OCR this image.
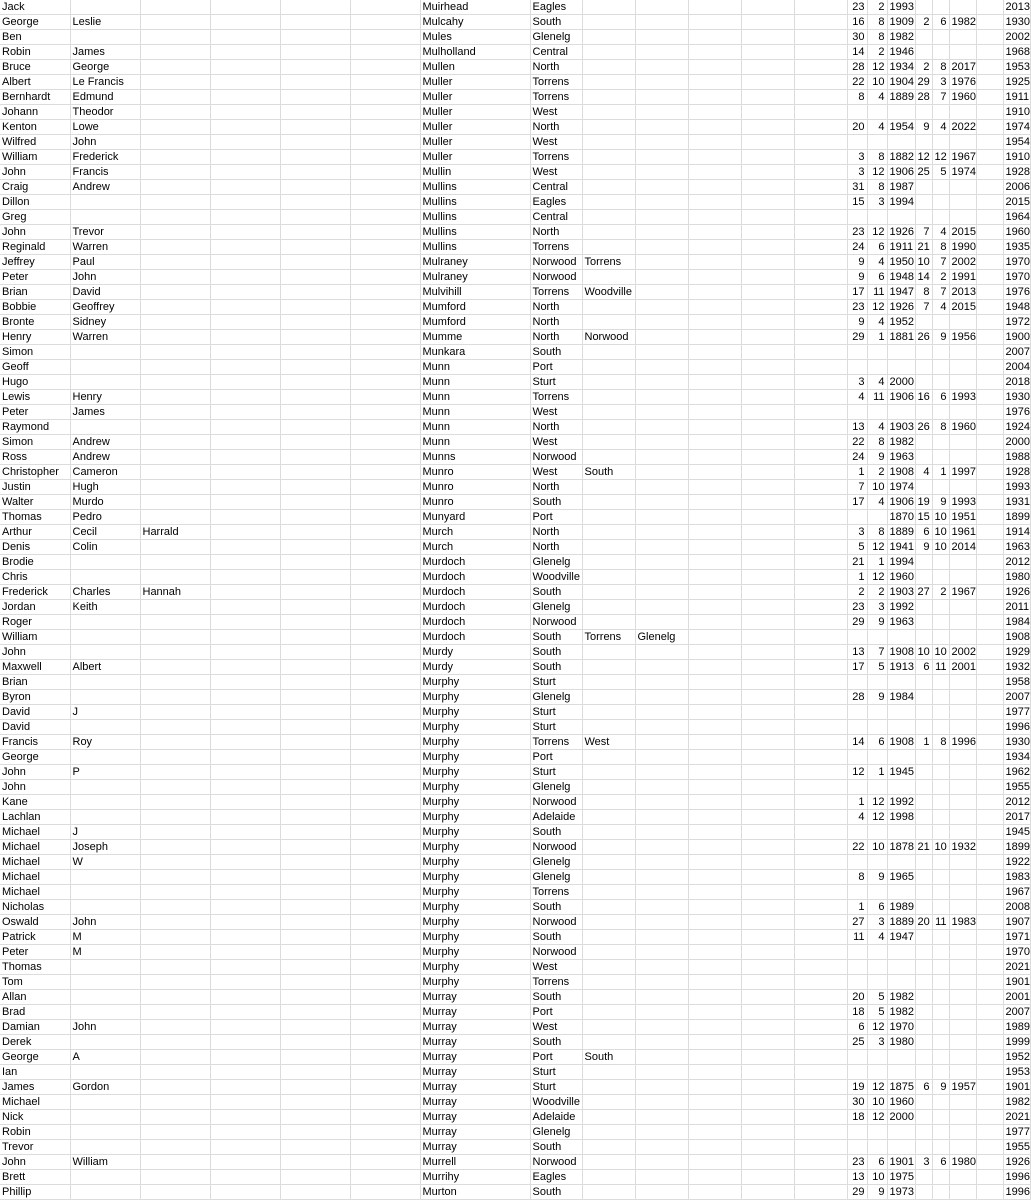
Jack						Muirhead	Eagles						23	2	1993					2013
George	Leslie					Mulcahy	South						16	8	1909	2	6	1982		1930
Ben						Mules	Glenelg						30	8	1982					2002
Robin	James					Mulholland	Central						14	2	1946					1968
Bruce	George					Mullen	North						28	12	1934	2	8	2017		1953
Albert	Le Francis					Muller	Torrens						22	10	1904	29	3	1976		1925
Bernhardt	Edmund					Muller	Torrens						8	4	1889	28	7	1960		1911
Johann	Theodor					Muller	West													1910
Kenton	Lowe					Muller	North						20	4	1954	9	4	2022		1974
Wilfred	John					Muller	West													1954
William	Frederick					Muller	Torrens						3	8	1882	12	12	1967		1910
John	Francis					Mullin	West						3	12	1906	25	5	1974		1928
Craig	Andrew					Mullins	Central						31	8	1987					2006
Dillon						Mullins	Eagles						15	3	1994					2015
Greg						Mullins	Central													1964
John	Trevor					Mullins	North						23	12	1926	7	4	2015		1960
Reginald	Warren					Mullins	Torrens						24	6	1911	21	8	1990		1935
Jeffrey	Paul					Mulraney	Norwood	Torrens					9	4	1950	10	7	2002		1970
Peter	John					Mulraney	Norwood						9	6	1948	14	2	1991		1970
Brian	David					Mulvihill	Torrens	Woodville					17	11	1947	8	7	2013		1976
Bobbie	Geoffrey					Mumford	North						23	12	1926	7	4	2015		1948
Bronte	Sidney					Mumford	North						9	4	1952					1972
Henry	Warren					Mumme	North	Norwood					29	1	1881	26	9	1956		1900
Simon						Munkara	South													2007
Geoff						Munn	Port													2004
Hugo						Munn	Sturt						3	4	2000					2018
Lewis	Henry					Munn	Torrens						4	11	1906	16	6	1993		1930
Peter	James					Munn	West													1976
Raymond						Munn	North						13	4	1903	26	8	1960		1924
Simon	Andrew					Munn	West						22	8	1982					2000
Ross	Andrew					Munns	Norwood						24	9	1963					1988
Christopher	Cameron					Munro	West	South					1	2	1908	4	1	1997		1928
Justin	Hugh					Munro	North						7	10	1974					1993
Walter	Murdo					Munro	South						17	4	1906	19	9	1993		1931
Thomas	Pedro					Munyard	Port								1870	15	10	1951		1899
Arthur	Cecil	Harrald				Murch	North						3	8	1889	6	10	1961		1914
Denis	Colin					Murch	North						5	12	1941	9	10	2014		1963
Brodie						Murdoch	Glenelg						21	1	1994					2012
Chris						Murdoch	Woodville						1	12	1960					1980
Frederick	Charles	Hannah				Murdoch	South						2	2	1903	27	2	1967		1926
Jordan	Keith					Murdoch	Glenelg						23	3	1992					2011
Roger						Murdoch	Norwood						29	9	1963					1984
William						Murdoch	South	Torrens	Glenelg											1908
John						Murdy	South						13	7	1908	10	10	2002		1929
Maxwell	Albert					Murdy	South						17	5	1913	6	11	2001		1932
Brian						Murphy	Sturt													1958
Byron						Murphy	Glenelg						28	9	1984					2007
David	J					Murphy	Sturt													1977
David						Murphy	Sturt													1996
Francis	Roy					Murphy	Torrens	West					14	6	1908	1	8	1996		1930
George						Murphy	Port													1934
John	P					Murphy	Sturt						12	1	1945					1962
John						Murphy	Glenelg													1955
Kane						Murphy	Norwood						1	12	1992					2012
Lachlan						Murphy	Adelaide						4	12	1998					2017
Michael	J					Murphy	South													1945
Michael	Joseph					Murphy	Norwood						22	10	1878	21	10	1932		1899
Michael	W					Murphy	Glenelg													1922
Michael						Murphy	Glenelg						8	9	1965					1983
Michael						Murphy	Torrens													1967
Nicholas						Murphy	South						1	6	1989					2008
Oswald	John					Murphy	Norwood						27	3	1889	20	11	1983		1907
Patrick	M					Murphy	South						11	4	1947					1971
Peter	M					Murphy	Norwood													1970
Thomas						Murphy	West													2021
Tom						Murphy	Torrens													1901
Allan						Murray	South						20	5	1982					2001
Brad						Murray	Port						18	5	1982					2007
Damian	John					Murray	West						6	12	1970					1989
Derek						Murray	South						25	3	1980					1999
George	A					Murray	Port	South												1952
Ian						Murray	Sturt													1953
James	Gordon					Murray	Sturt						19	12	1875	6	9	1957		1901
Michael						Murray	Woodville						30	10	1960					1982
Nick						Murray	Adelaide						18	12	2000					2021
Robin						Murray	Glenelg													1977
Trevor						Murray	South													1955
John	William					Murrell	Norwood						23	6	1901	3	6	1980		1926
Brett						Murrihy	Eagles						13	10	1975					1996
Phillip						Murton	South						29	9	1973					1996
